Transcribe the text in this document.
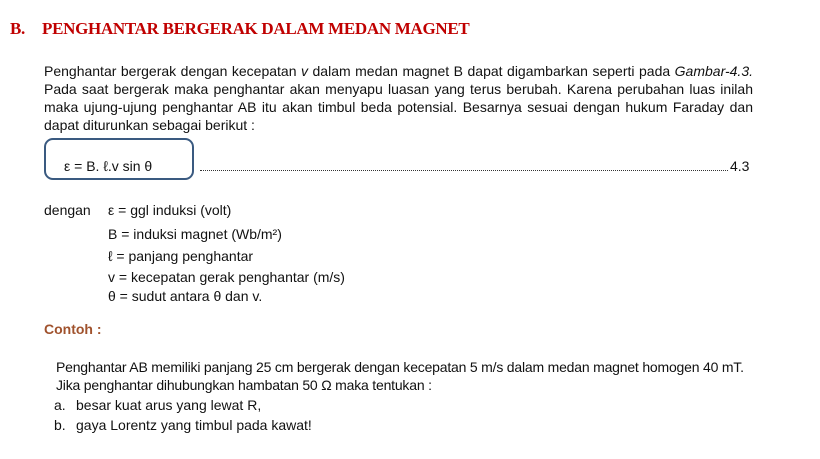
B. PENGHANTAR BERGERAK DALAM MEDAN MAGNET
Penghantar bergerak dengan kecepatan v dalam medan magnet B dapat digambarkan seperti pada Gambar-4.3. Pada saat bergerak maka penghantar akan menyapu luasan yang terus berubah. Karena perubahan luas inilah maka ujung-ujung penghantar AB itu akan timbul beda potensial. Besarnya sesuai dengan hukum Faraday dan dapat diturunkan sebagai berikut :
ε = B. ℓ.v sin θ	4.3
dengan ε = ggl induksi (volt)
B = induksi magnet (Wb/m²)
ℓ = panjang penghantar
v = kecepatan gerak penghantar (m/s)
θ = sudut antara θ dan v.
Contoh :
Penghantar AB memiliki panjang 25 cm bergerak dengan kecepatan 5 m/s dalam medan magnet homogen 40 mT. Jika penghantar dihubungkan hambatan 50 Ω maka tentukan :
a. besar kuat arus yang lewat R,
b. gaya Lorentz yang timbul pada kawat!
